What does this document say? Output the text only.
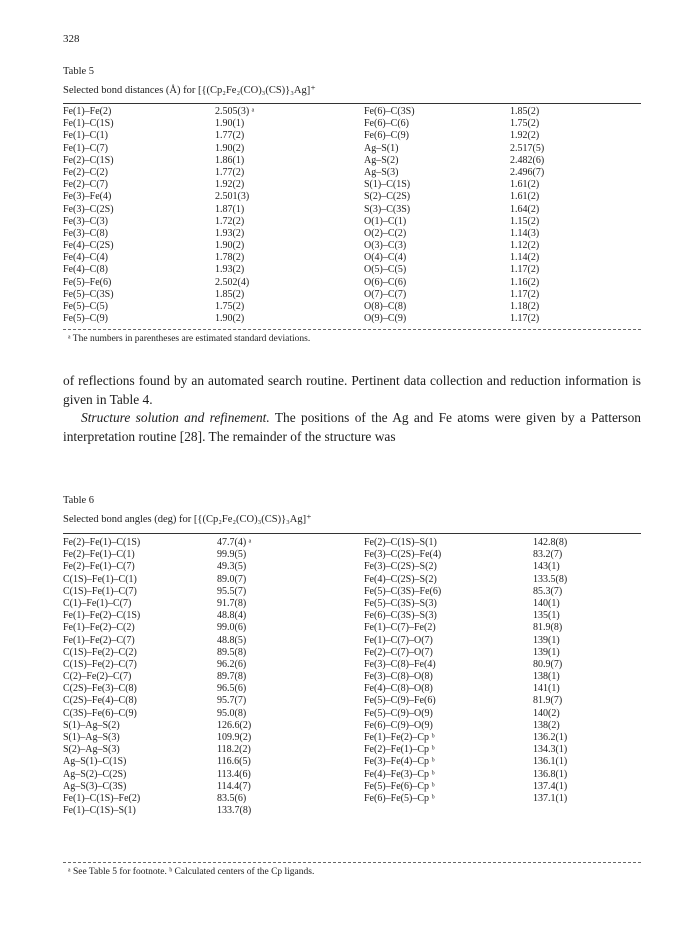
328
Table 5
Selected bond distances (Å) for [{(Cp₂Fe₂(CO)₃(CS)}₃Ag]⁺
Fe(1)–Fe(2)	2.505(3) ᵃ	Fe(6)–C(3S)	1.85(2)
Fe(1)–C(1S)	1.90(1)	Fe(6)–C(6)	1.75(2)
Fe(1)–C(1)	1.77(2)	Fe(6)–C(9)	1.92(2)
Fe(1)–C(7)	1.90(2)	Ag–S(1)	2.517(5)
Fe(2)–C(1S)	1.86(1)	Ag–S(2)	2.482(6)
Fe(2)–C(2)	1.77(2)	Ag–S(3)	2.496(7)
Fe(2)–C(7)	1.92(2)	S(1)–C(1S)	1.61(2)
Fe(3)–Fe(4)	2.501(3)	S(2)–C(2S)	1.61(2)
Fe(3)–C(2S)	1.87(1)	S(3)–C(3S)	1.64(2)
Fe(3)–C(3)	1.72(2)	O(1)–C(1)	1.15(2)
Fe(3)–C(8)	1.93(2)	O(2)–C(2)	1.14(3)
Fe(4)–C(2S)	1.90(2)	O(3)–C(3)	1.12(2)
Fe(4)–C(4)	1.78(2)	O(4)–C(4)	1.14(2)
Fe(4)–C(8)	1.93(2)	O(5)–C(5)	1.17(2)
Fe(5)–Fe(6)	2.502(4)	O(6)–C(6)	1.16(2)
Fe(5)–C(3S)	1.85(2)	O(7)–C(7)	1.17(2)
Fe(5)–C(5)	1.75(2)	O(8)–C(8)	1.18(2)
Fe(5)–C(9)	1.90(2)	O(9)–C(9)	1.17(2)
ᵃ The numbers in parentheses are estimated standard deviations.

of reflections found by an automated search routine. Pertinent data collection and reduction information is given in Table 4.

Structure solution and refinement. The positions of the Ag and Fe atoms were given by a Patterson interpretation routine [28]. The remainder of the structure was

Table 6
Selected bond angles (deg) for [{(Cp₂Fe₂(CO)₃(CS)}₃Ag]⁺
Fe(2)–Fe(1)–C(1S)	47.7(4) ᵃ	Fe(2)–C(1S)–S(1)	142.8(8)
Fe(2)–Fe(1)–C(1)	99.9(5)	Fe(3)–C(2S)–Fe(4)	83.2(7)
Fe(2)–Fe(1)–C(7)	49.3(5)	Fe(3)–C(2S)–S(2)	143(1)
C(1S)–Fe(1)–C(1)	89.0(7)	Fe(4)–C(2S)–S(2)	133.5(8)
C(1S)–Fe(1)–C(7)	95.5(7)	Fe(5)–C(3S)–Fe(6)	85.3(7)
C(1)–Fe(1)–C(7)	91.7(8)	Fe(5)–C(3S)–S(3)	140(1)
Fe(1)–Fe(2)–C(1S)	48.8(4)	Fe(6)–C(3S)–S(3)	135(1)
Fe(1)–Fe(2)–C(2)	99.0(6)	Fe(1)–C(7)–Fe(2)	81.9(8)
Fe(1)–Fe(2)–C(7)	48.8(5)	Fe(1)–C(7)–O(7)	139(1)
C(1S)–Fe(2)–C(2)	89.5(8)	Fe(2)–C(7)–O(7)	139(1)
C(1S)–Fe(2)–C(7)	96.2(6)	Fe(3)–C(8)–Fe(4)	80.9(7)
C(2)–Fe(2)–C(7)	89.7(8)	Fe(3)–C(8)–O(8)	138(1)
C(2S)–Fe(3)–C(8)	96.5(6)	Fe(4)–C(8)–O(8)	141(1)
C(2S)–Fe(4)–C(8)	95.7(7)	Fe(5)–C(9)–Fe(6)	81.9(7)
C(3S)–Fe(6)–C(9)	95.0(8)	Fe(5)–C(9)–O(9)	140(2)
S(1)–Ag–S(2)	126.6(2)	Fe(6)–C(9)–O(9)	138(2)
S(1)–Ag–S(3)	109.9(2)	Fe(1)–Fe(2)–Cp ᵇ	136.2(1)
S(2)–Ag–S(3)	118.2(2)	Fe(2)–Fe(1)–Cp ᵇ	134.3(1)
Ag–S(1)–C(1S)	116.6(5)	Fe(3)–Fe(4)–Cp ᵇ	136.1(1)
Ag–S(2)–C(2S)	113.4(6)	Fe(4)–Fe(3)–Cp ᵇ	136.8(1)
Ag–S(3)–C(3S)	114.4(7)	Fe(5)–Fe(6)–Cp ᵇ	137.4(1)
Fe(1)–C(1S)–Fe(2)	83.5(6)	Fe(6)–Fe(5)–Cp ᵇ	137.1(1)
Fe(1)–C(1S)–S(1)	133.7(8)
ᵃ See Table 5 for footnote. ᵇ Calculated centers of the Cp ligands.
